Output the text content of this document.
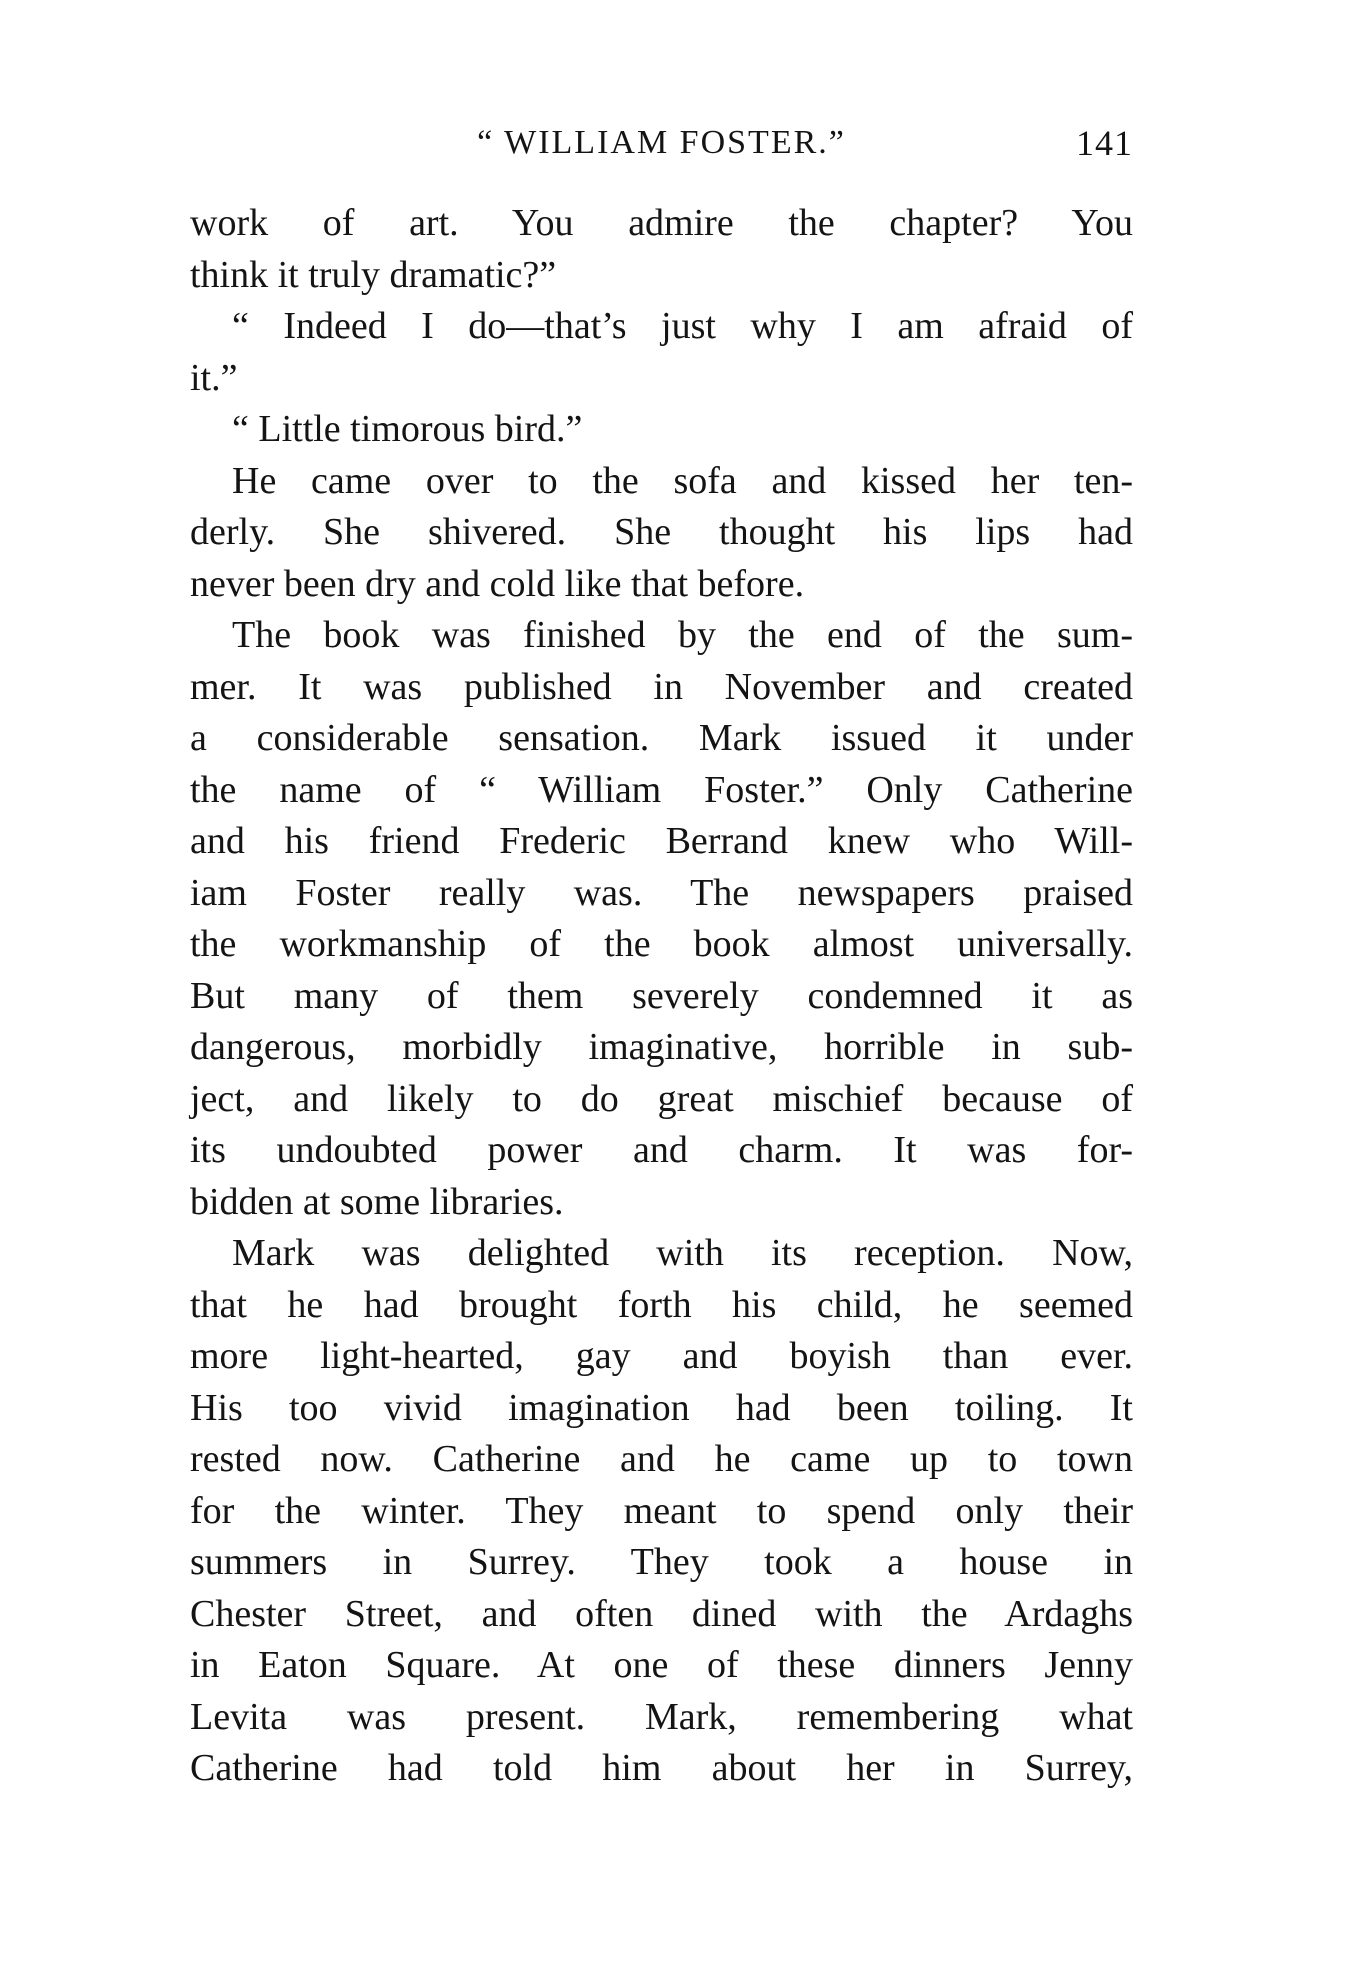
“ WILLIAM FOSTER.”	141
work of art. You admire the chapter? You
think it truly dramatic?”
“ Indeed I do—that’s just why I am afraid of
it.”
“ Little timorous bird.”
He came over to the sofa and kissed her ten-
derly. She shivered. She thought his lips had
never been dry and cold like that before.
The book was finished by the end of the sum-
mer. It was published in November and created
a considerable sensation. Mark issued it under
the name of “ William Foster.” Only Catherine
and his friend Frederic Berrand knew who Will-
iam Foster really was. The newspapers praised
the workmanship of the book almost universally.
But many of them severely condemned it as
dangerous, morbidly imaginative, horrible in sub-
ject, and likely to do great mischief because of
its undoubted power and charm. It was for-
bidden at some libraries.
Mark was delighted with its reception. Now,
that he had brought forth his child, he seemed
more light-hearted, gay and boyish than ever.
His too vivid imagination had been toiling. It
rested now. Catherine and he came up to town
for the winter. They meant to spend only their
summers in Surrey. They took a house in
Chester Street, and often dined with the Ardaghs
in Eaton Square. At one of these dinners Jenny
Levita was present. Mark, remembering what
Catherine had told him about her in Surrey,
